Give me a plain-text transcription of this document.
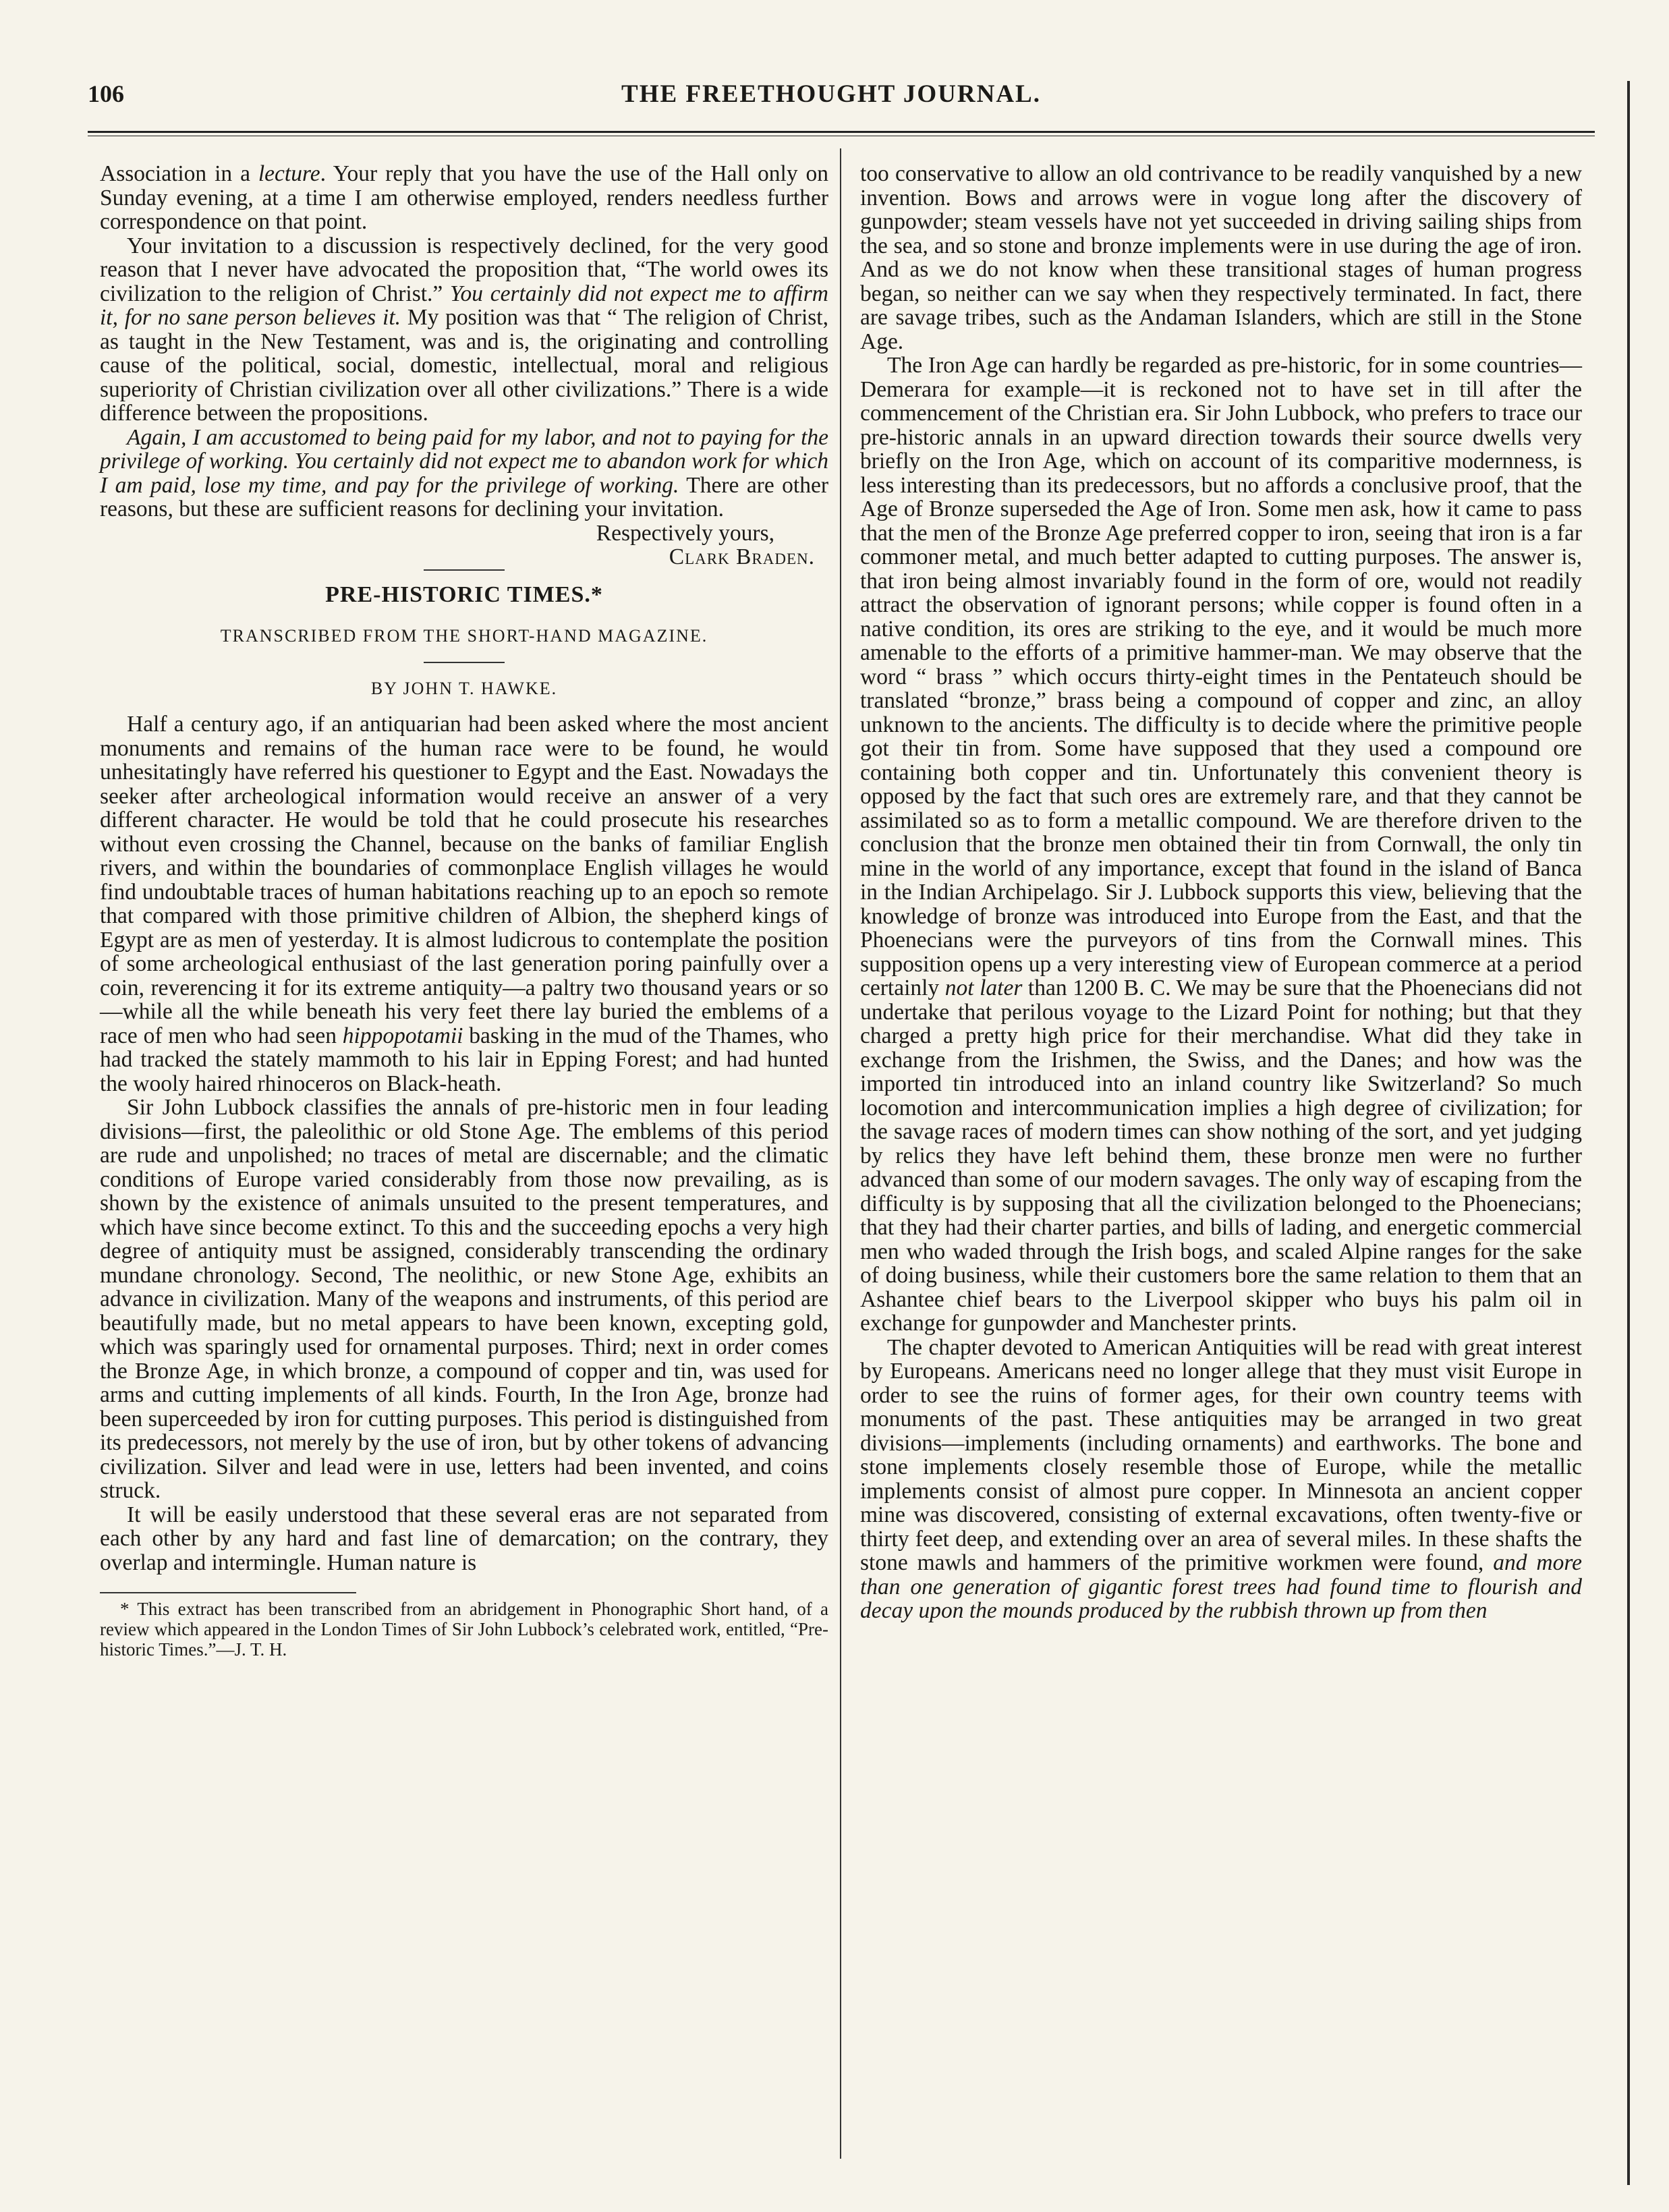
106	THE FREETHOUGHT JOURNAL.

Association in a lecture. Your reply that you have the use of the Hall only on Sunday evening, at a time I am otherwise employed, renders needless further correspondence on that point.

Your invitation to a discussion is respectively declined, for the very good reason that I never have advocated the proposition that, “The world owes its civilization to the religion of Christ.” You certainly did not expect me to affirm it, for no sane person believes it. My position was that “ The religion of Christ, as taught in the New Testament, was and is, the originating and controlling cause of the political, social, domestic, intellectual, moral and religious superiority of Christian civilization over all other civilizations.” There is a wide difference between the propositions.

Again, I am accustomed to being paid for my labor, and not to paying for the privilege of working. You certainly did not expect me to abandon work for which I am paid, lose my time, and pay for the privilege of working. There are other reasons, but these are sufficient reasons for declining your invitation.

Respectively yours,

Clark Braden.

PRE-HISTORIC TIMES.*
TRANSCRIBED FROM THE SHORT-HAND MAGAZINE.
BY JOHN T. HAWKE.

Half a century ago, if an antiquarian had been asked where the most ancient monuments and remains of the human race were to be found, he would unhesitatingly have referred his questioner to Egypt and the East. Nowadays the seeker after archeological information would receive an answer of a very different character. He would be told that he could prosecute his researches without even crossing the Channel, because on the banks of familiar English rivers, and within the boundaries of commonplace English villages he would find undoubtable traces of human habitations reaching up to an epoch so remote that compared with those primitive children of Albion, the shepherd kings of Egypt are as men of yesterday. It is almost ludicrous to contemplate the position of some archeological enthusiast of the last generation poring painfully over a coin, reverencing it for its extreme antiquity—a paltry two thousand years or so—while all the while beneath his very feet there lay buried the emblems of a race of men who had seen hippopotamii basking in the mud of the Thames, who had tracked the stately mammoth to his lair in Epping Forest; and had hunted the wooly haired rhinoceros on Black-heath.

Sir John Lubbock classifies the annals of pre-historic men in four leading divisions—first, the paleolithic or old Stone Age. The emblems of this period are rude and unpolished; no traces of metal are discernable; and the climatic conditions of Europe varied considerably from those now prevailing, as is shown by the existence of animals unsuited to the present temperatures, and which have since become extinct. To this and the succeeding epochs a very high degree of antiquity must be assigned, considerably transcending the ordinary mundane chronology. Second, The neolithic, or new Stone Age, exhibits an advance in civilization. Many of the weapons and instruments, of this period are beautifully made, but no metal appears to have been known, excepting gold, which was sparingly used for ornamental purposes. Third; next in order comes the Bronze Age, in which bronze, a compound of copper and tin, was used for arms and cutting implements of all kinds. Fourth, In the Iron Age, bronze had been superceeded by iron for cutting purposes. This period is distinguished from its predecessors, not merely by the use of iron, but by other tokens of advancing civilization. Silver and lead were in use, letters had been invented, and coins struck.

It will be easily understood that these several eras are not separated from each other by any hard and fast line of demarcation; on the contrary, they overlap and intermingle. Human nature is

* This extract has been transcribed from an abridgement in Phonographic Short hand, of a review which appeared in the London Times of Sir John Lubbock’s celebrated work, entitled, “Pre-historic Times.”—J. T. H.

too conservative to allow an old contrivance to be readily vanquished by a new invention. Bows and arrows were in vogue long after the discovery of gunpowder; steam vessels have not yet succeeded in driving sailing ships from the sea, and so stone and bronze implements were in use during the age of iron. And as we do not know when these transitional stages of human progress began, so neither can we say when they respectively terminated. In fact, there are savage tribes, such as the Andaman Islanders, which are still in the Stone Age.

The Iron Age can hardly be regarded as pre-historic, for in some countries—Demerara for example—it is reckoned not to have set in till after the commencement of the Christian era. Sir John Lubbock, who prefers to trace our pre-historic annals in an upward direction towards their source dwells very briefly on the Iron Age, which on account of its comparitive modernness, is less interesting than its predecessors, but no affords a conclusive proof, that the Age of Bronze superseded the Age of Iron. Some men ask, how it came to pass that the men of the Bronze Age preferred copper to iron, seeing that iron is a far commoner metal, and much better adapted to cutting purposes. The answer is, that iron being almost invariably found in the form of ore, would not readily attract the observation of ignorant persons; while copper is found often in a native condition, its ores are striking to the eye, and it would be much more amenable to the efforts of a primitive hammer-man. We may observe that the word “ brass ” which occurs thirty-eight times in the Pentateuch should be translated “bronze,” brass being a compound of copper and zinc, an alloy unknown to the ancients. The difficulty is to decide where the primitive people got their tin from. Some have supposed that they used a compound ore containing both copper and tin. Unfortunately this convenient theory is opposed by the fact that such ores are extremely rare, and that they cannot be assimilated so as to form a metallic compound. We are therefore driven to the conclusion that the bronze men obtained their tin from Cornwall, the only tin mine in the world of any importance, except that found in the island of Banca in the Indian Archipelago. Sir J. Lubbock supports this view, believing that the knowledge of bronze was introduced into Europe from the East, and that the Phoenecians were the purveyors of tins from the Cornwall mines. This supposition opens up a very interesting view of European commerce at a period certainly not later than 1200 B. C. We may be sure that the Phoenecians did not undertake that perilous voyage to the Lizard Point for nothing; but that they charged a pretty high price for their merchandise. What did they take in exchange from the Irishmen, the Swiss, and the Danes; and how was the imported tin introduced into an inland country like Switzerland? So much locomotion and intercommunication implies a high degree of civilization; for the savage races of modern times can show nothing of the sort, and yet judging by relics they have left behind them, these bronze men were no further advanced than some of our modern savages. The only way of escaping from the difficulty is by supposing that all the civilization belonged to the Phoenecians; that they had their charter parties, and bills of lading, and energetic commercial men who waded through the Irish bogs, and scaled Alpine ranges for the sake of doing business, while their customers bore the same relation to them that an Ashantee chief bears to the Liverpool skipper who buys his palm oil in exchange for gunpowder and Manchester prints.

The chapter devoted to American Antiquities will be read with great interest by Europeans. Americans need no longer allege that they must visit Europe in order to see the ruins of former ages, for their own country teems with monuments of the past. These antiquities may be arranged in two great divisions—implements (including ornaments) and earthworks. The bone and stone implements closely resemble those of Europe, while the metallic implements consist of almost pure copper. In Minnesota an ancient copper mine was discovered, consisting of external excavations, often twenty-five or thirty feet deep, and extending over an area of several miles. In these shafts the stone mawls and hammers of the primitive workmen were found, and more than one generation of gigantic forest trees had found time to flourish and decay upon the mounds produced by the rubbish thrown up from then
